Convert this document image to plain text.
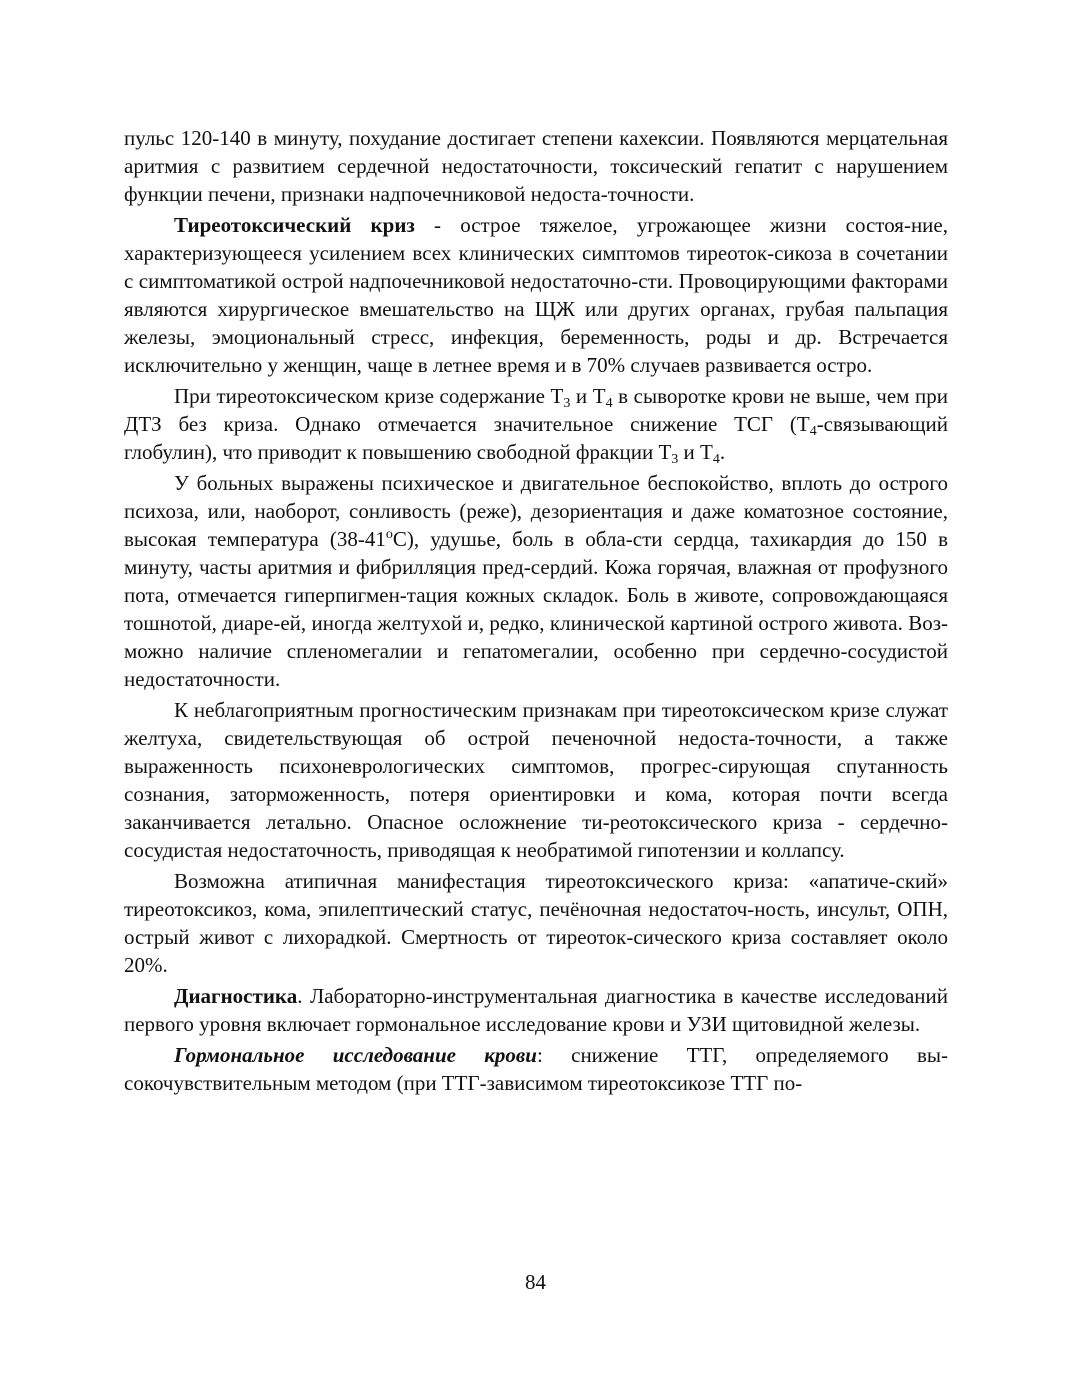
пульс 120-140 в минуту, похудание достигает степени кахексии. Появляются мерцательная аритмия с развитием сердечной недостаточности, токсический гепатит с нарушением функции печени, признаки надпочечниковой недоста-точности.

Тиреотоксический криз - острое тяжелое, угрожающее жизни состоя-ние, характеризующееся усилением всех клинических симптомов тиреоток-сикоза в сочетании с симптоматикой острой надпочечниковой недостаточно-сти. Провоцирующими факторами являются хирургическое вмешательство на ЩЖ или других органах, грубая пальпация железы, эмоциональный стресс, инфекция, беременность, роды и др. Встречается исключительно у женщин, чаще в летнее время и в 70% случаев развивается остро.

При тиреотоксическом кризе содержание $Т_3$ и $Т_4$ в сыворотке крови не выше, чем при ДТЗ без криза. Однако отмечается значительное снижение ТСГ ($Т_4$-связывающий глобулин), что приводит к повышению свободной фракции $Т_3$ и $Т_4$.

У больных выражены психическое и двигательное беспокойство, вплоть до острого психоза, или, наоборот, сонливость (реже), дезориентация и даже коматозное состояние, высокая температура $(38-41^оС)$, удушье, боль в обла-сти сердца, тахикардия до 150 в минуту, часты аритмия и фибрилляция пред-сердий. Кожа горячая, влажная от профузного пота, отмечается гиперпигмен-тация кожных складок. Боль в животе, сопровождающаяся тошнотой, диаре-ей, иногда желтухой и, редко, клинической картиной острого живота. Воз-можно наличие спленомегалии и гепатомегалии, особенно при сердечно-сосудистой недостаточности.

К неблагоприятным прогностическим признакам при тиреотоксическом кризе служат желтуха, свидетельствующая об острой печеночной недоста-точности, а также выраженность психоневрологических симптомов, прогрес-сирующая спутанность сознания, заторможенность, потеря ориентировки и кома, которая почти всегда заканчивается летально. Опасное осложнение ти-реотоксического криза - сердечно-сосудистая недостаточность, приводящая к необратимой гипотензии и коллапсу.

Возможна атипичная манифестация тиреотоксического криза: «апатиче-ский» тиреотоксикоз, кома, эпилептический статус, печёночная недостаточ-ность, инсульт, ОПН, острый живот с лихорадкой. Смертность от тиреоток-сического криза составляет около 20%.

Диагностика. Лабораторно-инструментальная диагностика в качестве исследований первого уровня включает гормональное исследование крови и УЗИ щитовидной железы.

Гормональное исследование крови: снижение ТТГ, определяемого вы-сокочувствительным методом (при ТТГ-зависимом тиреотоксикозе ТТГ по-

84
